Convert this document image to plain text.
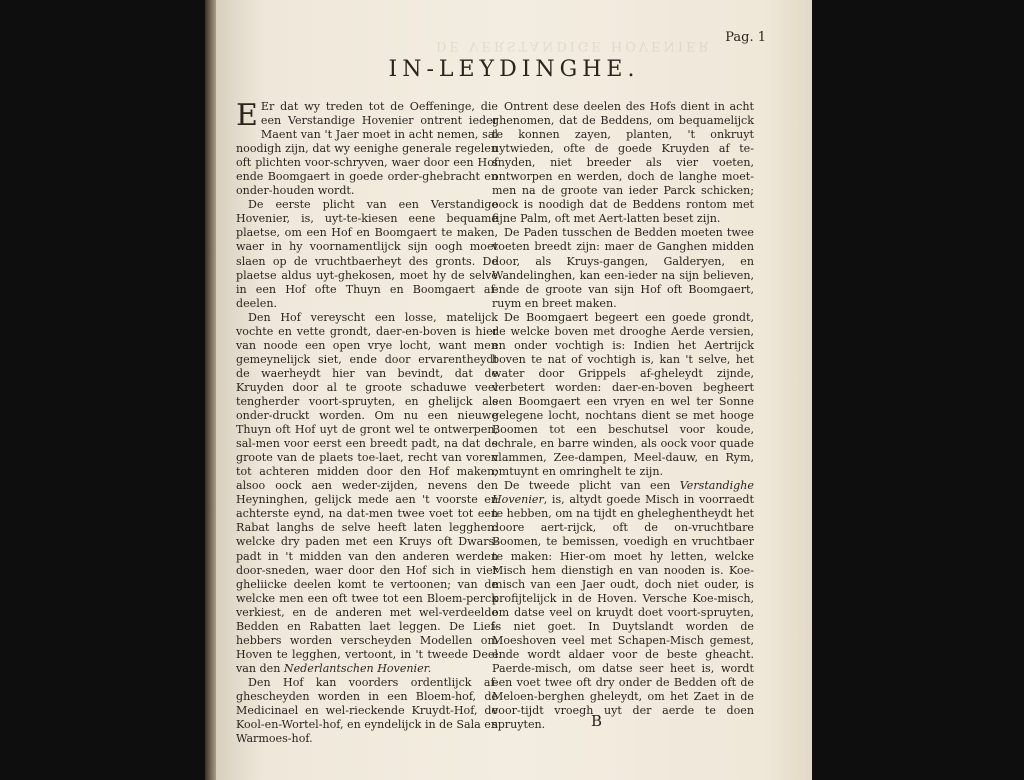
DE VERSTANDIGE HOVENIER
Pag. 1
IN-LEYDINGHE.

E Er dat wy treden tot de Oeffeninge, die een Verstandige Hovenier ontrent ieder Maent van 't Jaer moet in acht nemen, sal noodigh zijn, dat wy eenighe generale regelen oft plichten voor-schryven, waer door een Hof ende Boomgaert in goede order-ghebracht en onder-houden wordt.

De eerste plicht van een Verstandige Hovenier, is, uyt-te-kiesen eene bequame plaetse, om een Hof en Boomgaert te maken, waer in hy voornamentlijck sijn oogh moet slaen op de vruchtbaerheyt des gronts. De plaetse aldus uyt-ghekosen, moet hy de selve in een Hof ofte Thuyn en Boomgaert af-deelen.

Den Hof vereyscht een losse, matelijck vochte en vette grondt, daer-en-boven is hier van noode een open vrye locht, want men gemeynelijck siet, ende door ervarentheydt de waerheydt hier van bevindt, dat de Kruyden door al te groote schaduwe veel tengherder voort-spruyten, en ghelijck als onder-druckt worden. Om nu een nieuwe Thuyn oft Hof uyt de gront wel te ontwerpen, sal-men voor eerst een breedt padt, na dat de groote van de plaets toe-laet, recht van voren tot achteren midden door den Hof maken; alsoo oock aen weder-zijden, nevens den Heyninghen, gelijck mede aen 't voorste en achterste eynd, na dat-men twee voet tot een Rabat langhs de selve heeft laten legghen: welcke dry paden met een Kruys oft Dwars-padt in 't midden van den anderen werden door-sneden, waer door den Hof sich in vier gheliicke deelen komt te vertoonen; van de welcke men een oft twee tot een Bloem-perck verkiest, en de anderen met wel-verdeelde Bedden en Rabatten laet leggen. De Lief-hebbers worden verscheyden Modellen om Hoven te legghen, vertoont, in 't tweede Deel van den Nederlantschen Hovenier.

Den Hof kan voorders ordentlijck af-ghescheyden worden in een Bloem-hof, de Medicinael en wel-rieckende Kruydt-Hof, de Kool-en-Wortel-hof, en eyndelijck in de Sala en Warmoes-hof.

Ontrent dese deelen des Hofs dient in acht ghenomen, dat de Beddens, om bequamelijck te konnen zayen, planten, 't onkruyt uytwieden, ofte de goede Kruyden af te-snyden, niet breeder als vier voeten, ontworpen en werden, doch de langhe moet-men na de groote van ieder Parck schicken; oock is noodigh dat de Beddens rontom met fijne Palm, oft met Aert-latten beset zijn.

De Paden tusschen de Bedden moeten twee voeten breedt zijn: maer de Ganghen midden door, als Kruys-gangen, Galderyen, en Wandelinghen, kan een-ieder na sijn believen, ende de groote van sijn Hof oft Boomgaert, ruym en breet maken.

De Boomgaert begeert een goede grondt, de welcke boven met drooghe Aerde versien, en onder vochtigh is: Indien het Aertrijck boven te nat of vochtigh is, kan 't selve, het water door Grippels af-gheleydt zijnde, verbetert worden: daer-en-boven begheert een Boomgaert een vryen en wel ter Sonne gelegene locht, nochtans dient se met hooge Boomen tot een beschutsel voor koude, schrale, en barre winden, als oock voor quade vlammen, Zee-dampen, Meel-dauw, en Rym, omtuynt en omringhelt te zijn.

De tweede plicht van een Verstandighe Hovenier, is, altydt goede Misch in voorraedt te hebben, om na tijdt en gheleghentheydt het doore aert-rijck, oft de on-vruchtbare Boomen, te bemissen, voedigh en vruchtbaer te maken: Hier-om moet hy letten, welcke Misch hem dienstigh en van nooden is. Koe-misch van een Jaer oudt, doch niet ouder, is profijtelijck in de Hoven. Versche Koe-misch, om datse veel on kruydt doet voort-spruyten, is niet goet. In Duytslandt worden de Moeshoven veel met Schapen-Misch gemest, ende wordt aldaer voor de beste gheacht. Paerde-misch, om datse seer heet is, wordt een voet twee oft dry onder de Bedden oft de Meloen-berghen gheleydt, om het Zaet in de voor-tijdt vroegh uyt der aerde te doen spruyten.	B
